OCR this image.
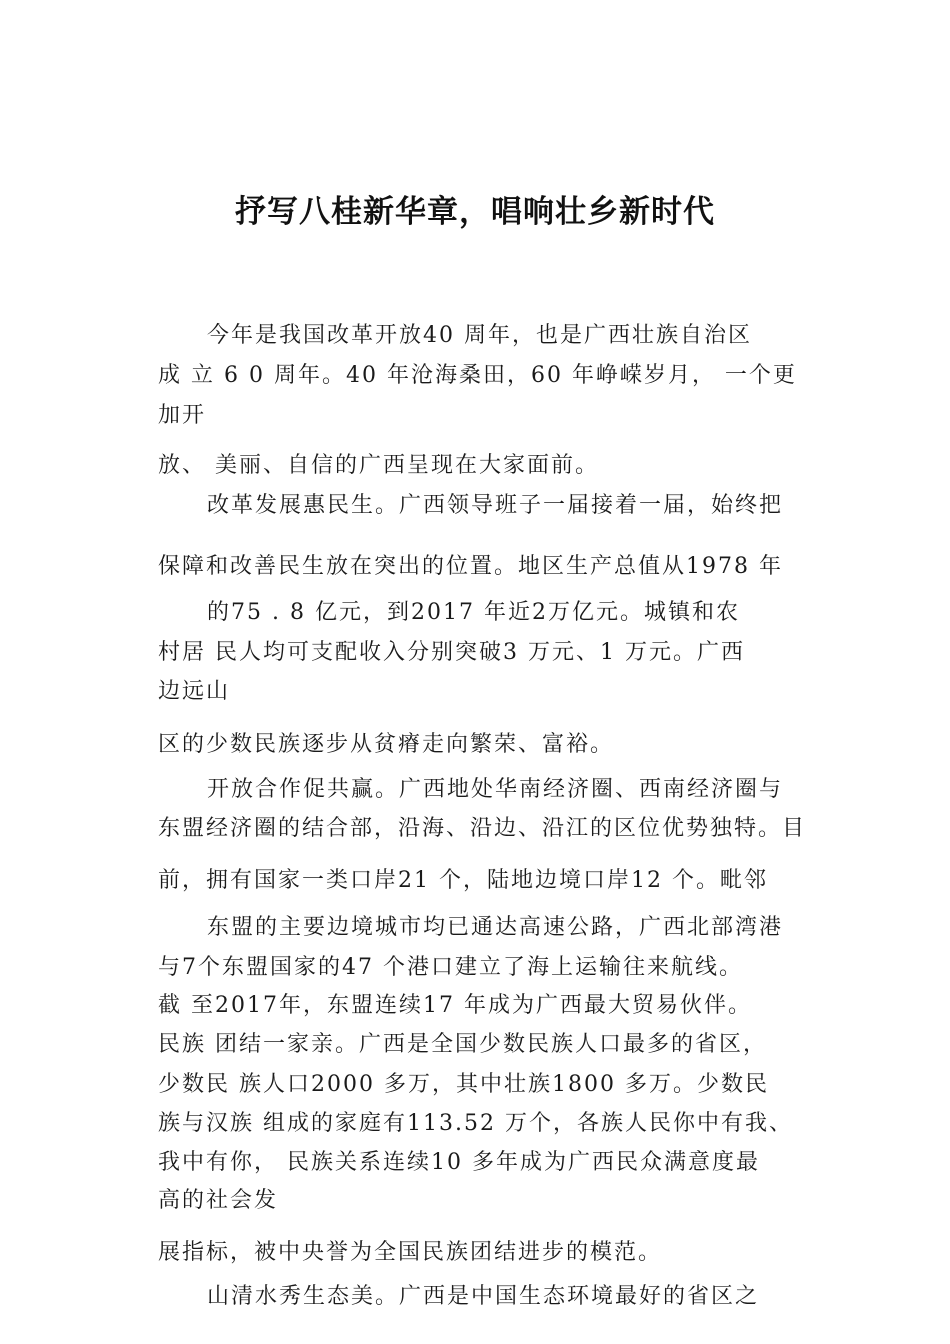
抒写八桂新华章，唱响壮乡新时代
今年是我国改革开放40 周年，也是广西壮族自治区
成 立 6 0 周年。40 年沧海桑田，60 年峥嵘岁月， 一个更
加开
放、 美丽、自信的广西呈现在大家面前。
改革发展惠民生。广西领导班子一届接着一届，始终把
保障和改善民生放在突出的位置。地区生产总值从1978 年
的75 . 8 亿元，到2017 年近2万亿元。城镇和农
村居 民人均可支配收入分别突破3 万元、1 万元。广西
边远山
区的少数民族逐步从贫瘠走向繁荣、富裕。
开放合作促共赢。广西地处华南经济圈、西南经济圈与
东盟经济圈的结合部，沿海、沿边、沿江的区位优势独特。目
前，拥有国家一类口岸21 个，陆地边境口岸12 个。毗邻
东盟的主要边境城市均已通达高速公路，广西北部湾港
与7个东盟国家的47 个港口建立了海上运输往来航线。
截 至2017年，东盟连续17 年成为广西最大贸易伙伴。
民族 团结一家亲。广西是全国少数民族人口最多的省区，
少数民 族人口2000 多万，其中壮族1800 多万。少数民
族与汉族 组成的家庭有113.52 万个，各族人民你中有我、
我中有你， 民族关系连续10 多年成为广西民众满意度最
高的社会发
展指标，被中央誉为全国民族团结进步的模范。
山清水秀生态美。广西是中国生态环境最好的省区之
